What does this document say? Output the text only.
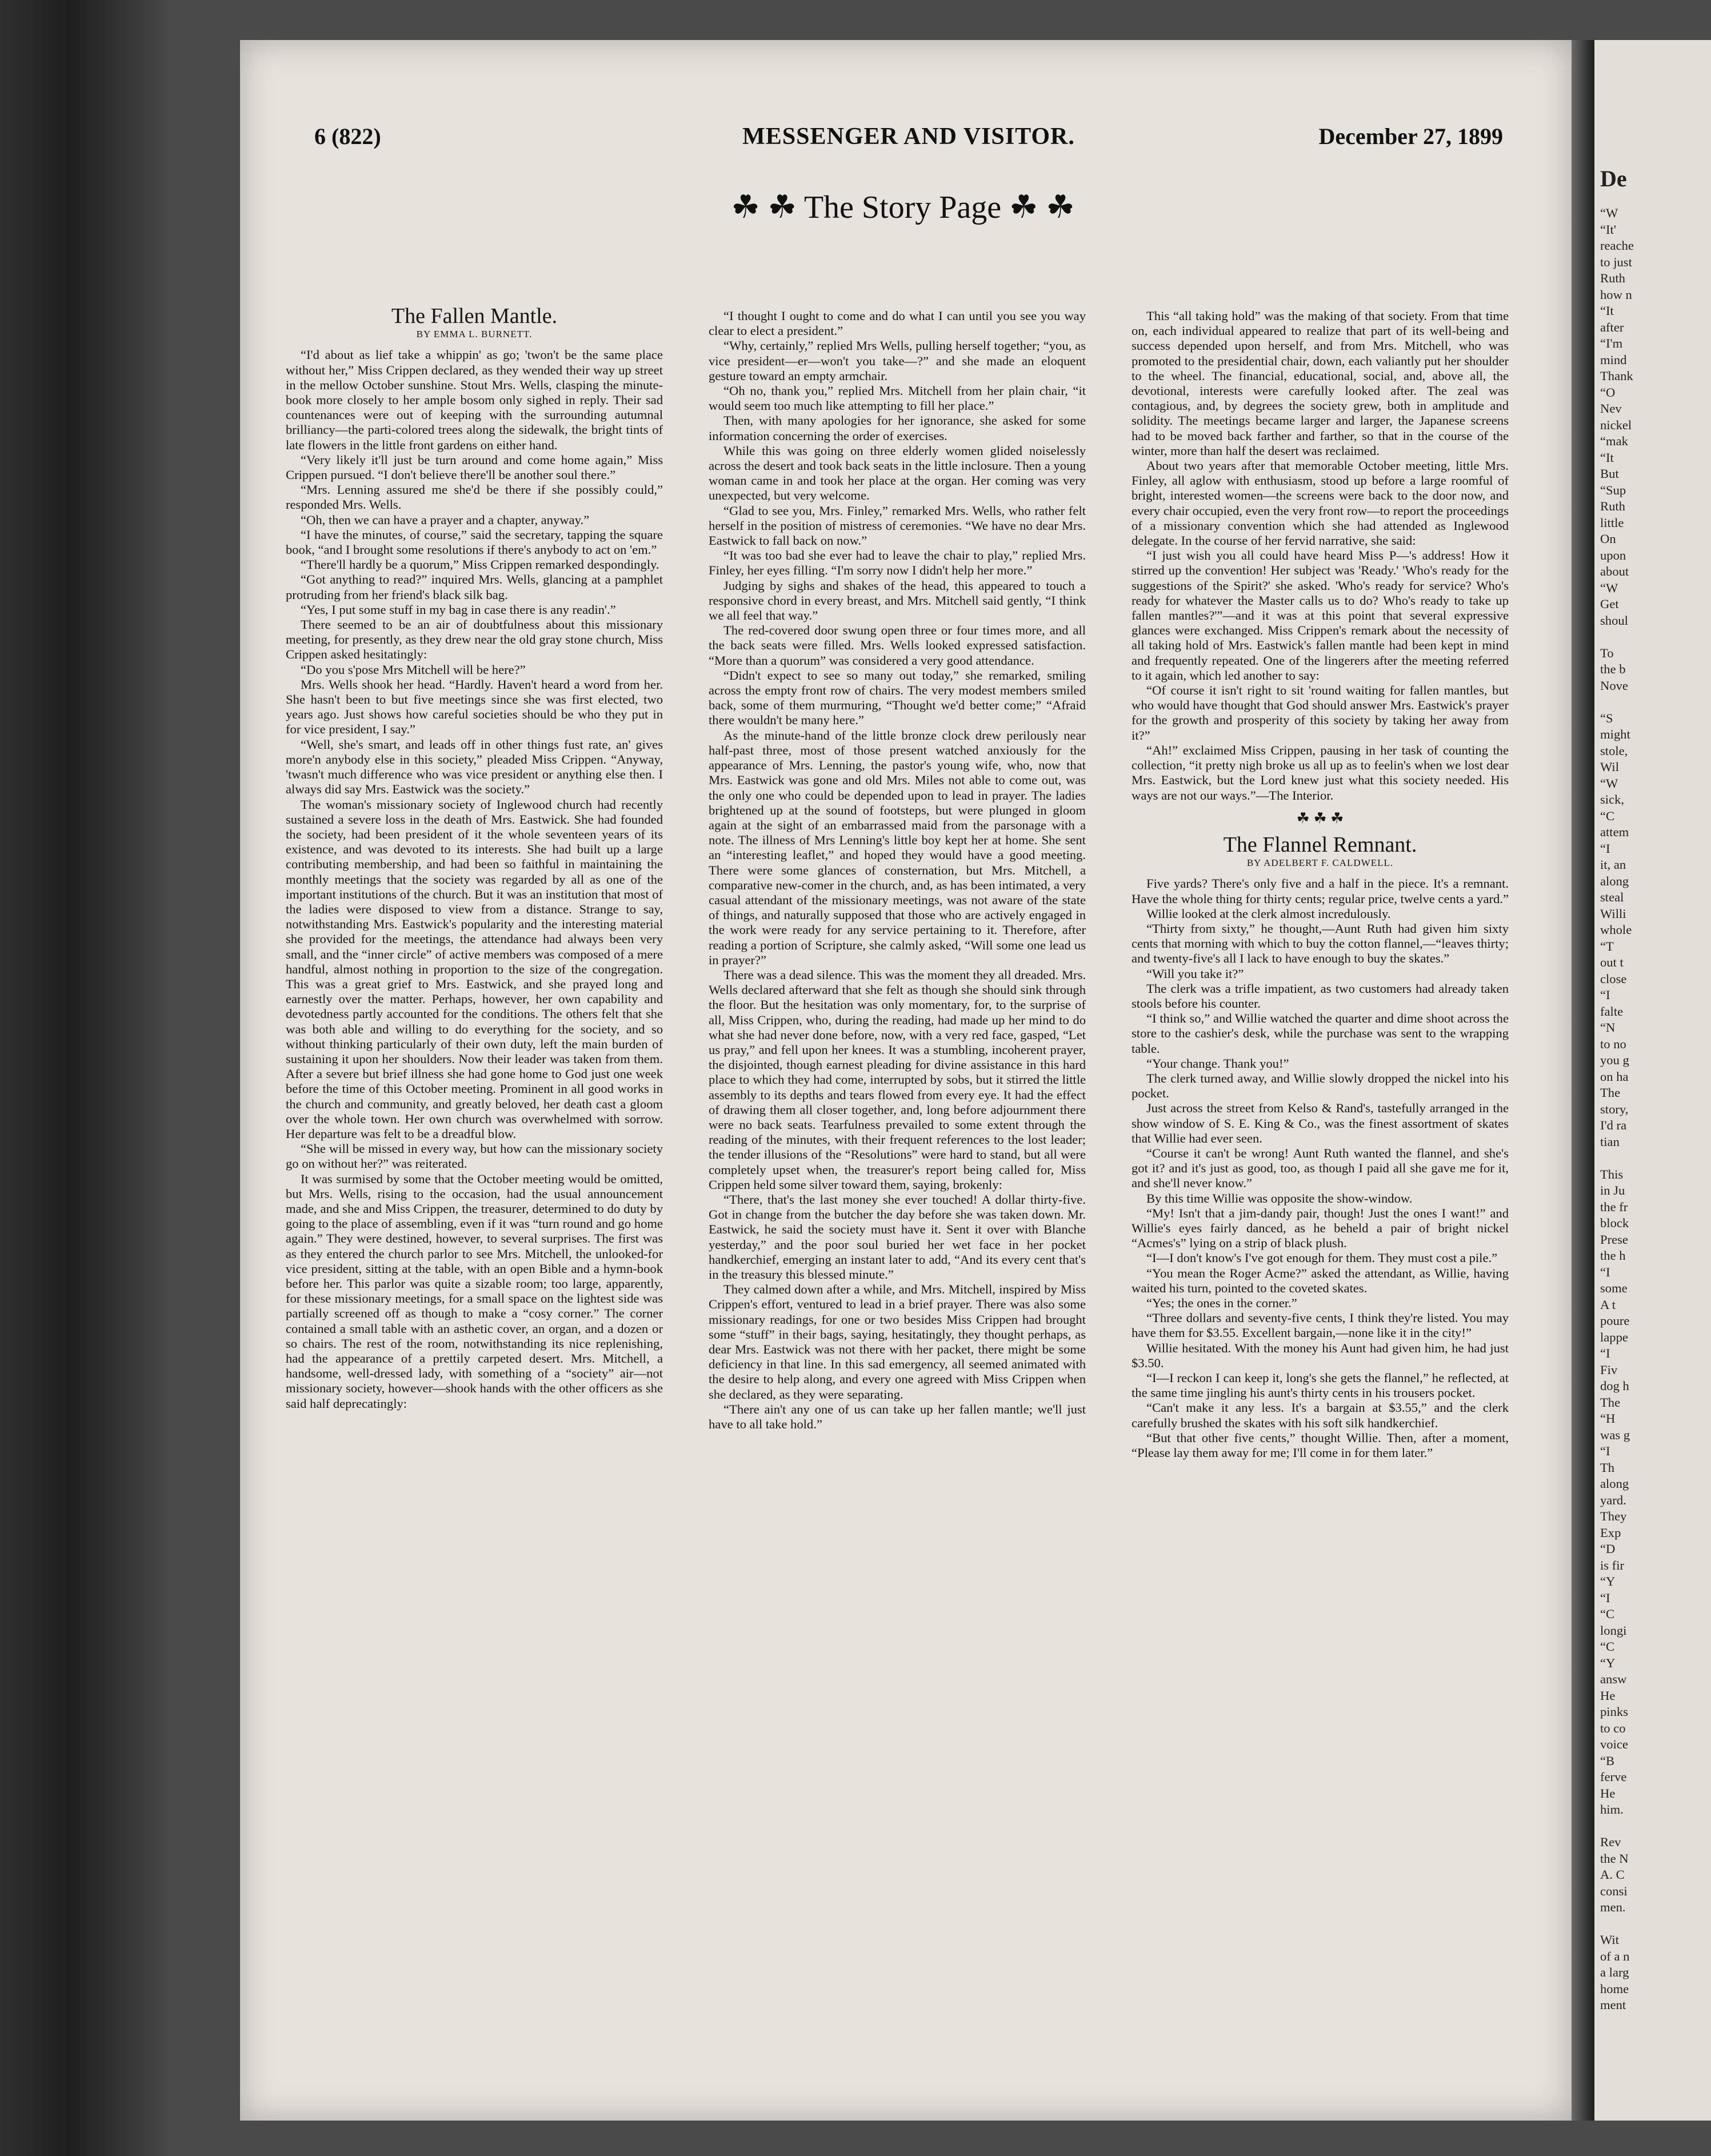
6 (822)	MESSENGER AND VISITOR.	December 27, 1899
☘ ☘ The Story Page ☘ ☘
The Fallen Mantle.
BY EMMA L. BURNETT.

“I'd about as lief take a whippin' as go; 'twon't be the same place without her,” Miss Crippen declared, as they wended their way up street in the mellow October sunshine. Stout Mrs. Wells, clasping the minute-book more closely to her ample bosom only sighed in reply. Their sad countenances were out of keeping with the surrounding autumnal brilliancy—the parti-colored trees along the sidewalk, the bright tints of late flowers in the little front gardens on either hand.

“Very likely it'll just be turn around and come home again,” Miss Crippen pursued. “I don't believe there'll be another soul there.”

“Mrs. Lenning assured me she'd be there if she possibly could,” responded Mrs. Wells.

“Oh, then we can have a prayer and a chapter, anyway.”

“I have the minutes, of course,” said the secretary, tapping the square book, “and I brought some resolutions if there's anybody to act on 'em.”

“There'll hardly be a quorum,” Miss Crippen remarked despondingly.

“Got anything to read?” inquired Mrs. Wells, glancing at a pamphlet protruding from her friend's black silk bag.

“Yes, I put some stuff in my bag in case there is any readin'.”

There seemed to be an air of doubtfulness about this missionary meeting, for presently, as they drew near the old gray stone church, Miss Crippen asked hesitatingly:

“Do you s'pose Mrs Mitchell will be here?”

Mrs. Wells shook her head. “Hardly. Haven't heard a word from her. She hasn't been to but five meetings since she was first elected, two years ago. Just shows how careful societies should be who they put in for vice president, I say.”

“Well, she's smart, and leads off in other things fust rate, an' gives more'n anybody else in this society,” pleaded Miss Crippen. “Anyway, 'twasn't much difference who was vice president or anything else then. I always did say Mrs. Eastwick was the society.”

The woman's missionary society of Inglewood church had recently sustained a severe loss in the death of Mrs. Eastwick. She had founded the society, had been president of it the whole seventeen years of its existence, and was devoted to its interests. She had built up a large contributing membership, and had been so faithful in maintaining the monthly meetings that the society was regarded by all as one of the important institutions of the church. But it was an institution that most of the ladies were disposed to view from a distance. Strange to say, notwithstanding Mrs. Eastwick's popularity and the interesting material she provided for the meetings, the attendance had always been very small, and the “inner circle” of active members was composed of a mere handful, almost nothing in proportion to the size of the congregation. This was a great grief to Mrs. Eastwick, and she prayed long and earnestly over the matter. Perhaps, however, her own capability and devotedness partly accounted for the conditions. The others felt that she was both able and willing to do everything for the society, and so without thinking particularly of their own duty, left the main burden of sustaining it upon her shoulders. Now their leader was taken from them. After a severe but brief illness she had gone home to God just one week before the time of this October meeting. Prominent in all good works in the church and community, and greatly beloved, her death cast a gloom over the whole town. Her own church was overwhelmed with sorrow. Her departure was felt to be a dreadful blow.

“She will be missed in every way, but how can the missionary society go on without her?” was reiterated.

It was surmised by some that the October meeting would be omitted, but Mrs. Wells, rising to the occasion, had the usual announcement made, and she and Miss Crippen, the treasurer, determined to do duty by going to the place of assembling, even if it was “turn round and go home again.” They were destined, however, to several surprises. The first was as they entered the church parlor to see Mrs. Mitchell, the unlooked-for vice president, sitting at the table, with an open Bible and a hymn-book before her. This parlor was quite a sizable room; too large, apparently, for these missionary meetings, for a small space on the lightest side was partially screened off as though to make a “cosy corner.” The corner contained a small table with an asthetic cover, an organ, and a dozen or so chairs. The rest of the room, notwithstanding its nice replenishing, had the appearance of a prettily carpeted desert. Mrs. Mitchell, a handsome, well-dressed lady, with something of a “society” air—not missionary society, however—shook hands with the other officers as she said half deprecatingly:

“I thought I ought to come and do what I can until you see you way clear to elect a president.”

“Why, certainly,” replied Mrs Wells, pulling herself together; “you, as vice president—er—won't you take—?” and she made an eloquent gesture toward an empty armchair.

“Oh no, thank you,” replied Mrs. Mitchell from her plain chair, “it would seem too much like attempting to fill her place.”

Then, with many apologies for her ignorance, she asked for some information concerning the order of exercises.

While this was going on three elderly women glided noiselessly across the desert and took back seats in the little inclosure. Then a young woman came in and took her place at the organ. Her coming was very unexpected, but very welcome.

“Glad to see you, Mrs. Finley,” remarked Mrs. Wells, who rather felt herself in the position of mistress of ceremonies. “We have no dear Mrs. Eastwick to fall back on now.”

“It was too bad she ever had to leave the chair to play,” replied Mrs. Finley, her eyes filling. “I'm sorry now I didn't help her more.”

Judging by sighs and shakes of the head, this appeared to touch a responsive chord in every breast, and Mrs. Mitchell said gently, “I think we all feel that way.”

The red-covered door swung open three or four times more, and all the back seats were filled. Mrs. Wells looked expressed satisfaction. “More than a quorum” was considered a very good attendance.

“Didn't expect to see so many out today,” she remarked, smiling across the empty front row of chairs. The very modest members smiled back, some of them murmuring, “Thought we'd better come;” “Afraid there wouldn't be many here.”

As the minute-hand of the little bronze clock drew perilously near half-past three, most of those present watched anxiously for the appearance of Mrs. Lenning, the pastor's young wife, who, now that Mrs. Eastwick was gone and old Mrs. Miles not able to come out, was the only one who could be depended upon to lead in prayer. The ladies brightened up at the sound of footsteps, but were plunged in gloom again at the sight of an embarrassed maid from the parsonage with a note. The illness of Mrs Lenning's little boy kept her at home. She sent an “interesting leaflet,” and hoped they would have a good meeting. There were some glances of consternation, but Mrs. Mitchell, a comparative new-comer in the church, and, as has been intimated, a very casual attendant of the missionary meetings, was not aware of the state of things, and naturally supposed that those who are actively engaged in the work were ready for any service pertaining to it. Therefore, after reading a portion of Scripture, she calmly asked, “Will some one lead us in prayer?”

There was a dead silence. This was the moment they all dreaded. Mrs. Wells declared afterward that she felt as though she should sink through the floor. But the hesitation was only momentary, for, to the surprise of all, Miss Crippen, who, during the reading, had made up her mind to do what she had never done before, now, with a very red face, gasped, “Let us pray,” and fell upon her knees. It was a stumbling, incoherent prayer, the disjointed, though earnest pleading for divine assistance in this hard place to which they had come, interrupted by sobs, but it stirred the little assembly to its depths and tears flowed from every eye. It had the effect of drawing them all closer together, and, long before adjournment there were no back seats. Tearfulness prevailed to some extent through the reading of the minutes, with their frequent references to the lost leader; the tender illusions of the “Resolutions” were hard to stand, but all were completely upset when, the treasurer's report being called for, Miss Crippen held some silver toward them, saying, brokenly:

“There, that's the last money she ever touched! A dollar thirty-five. Got in change from the butcher the day before she was taken down. Mr. Eastwick, he said the society must have it. Sent it over with Blanche yesterday,” and the poor soul buried her wet face in her pocket handkerchief, emerging an instant later to add, “And its every cent that's in the treasury this blessed minute.”

They calmed down after a while, and Mrs. Mitchell, inspired by Miss Crippen's effort, ventured to lead in a brief prayer. There was also some missionary readings, for one or two besides Miss Crippen had brought some “stuff” in their bags, saying, hesitatingly, they thought perhaps, as dear Mrs. Eastwick was not there with her packet, there might be some deficiency in that line. In this sad emergency, all seemed animated with the desire to help along, and every one agreed with Miss Crippen when she declared, as they were separating.

“There ain't any one of us can take up her fallen mantle; we'll just have to all take hold.”

This “all taking hold” was the making of that society. From that time on, each individual appeared to realize that part of its well-being and success depended upon herself, and from Mrs. Mitchell, who was promoted to the presidential chair, down, each valiantly put her shoulder to the wheel. The financial, educational, social, and, above all, the devotional, interests were carefully looked after. The zeal was contagious, and, by degrees the society grew, both in amplitude and solidity. The meetings became larger and larger, the Japanese screens had to be moved back farther and farther, so that in the course of the winter, more than half the desert was reclaimed.

About two years after that memorable October meeting, little Mrs. Finley, all aglow with enthusiasm, stood up before a large roomful of bright, interested women—the screens were back to the door now, and every chair occupied, even the very front row—to report the proceedings of a missionary convention which she had attended as Inglewood delegate. In the course of her fervid narrative, she said:

“I just wish you all could have heard Miss P—'s address! How it stirred up the convention! Her subject was 'Ready.' 'Who's ready for the suggestions of the Spirit?' she asked. 'Who's ready for service? Who's ready for whatever the Master calls us to do? Who's ready to take up fallen mantles?'”—and it was at this point that several expressive glances were exchanged. Miss Crippen's remark about the necessity of all taking hold of Mrs. Eastwick's fallen mantle had been kept in mind and frequently repeated. One of the lingerers after the meeting referred to it again, which led another to say:

“Of course it isn't right to sit 'round waiting for fallen mantles, but who would have thought that God should answer Mrs. Eastwick's prayer for the growth and prosperity of this society by taking her away from it?”

“Ah!” exclaimed Miss Crippen, pausing in her task of counting the collection, “it pretty nigh broke us all up as to feelin's when we lost dear Mrs. Eastwick, but the Lord knew just what this society needed. His ways are not our ways.”—The Interior.

☘ ☘ ☘
The Flannel Remnant.
BY ADELBERT F. CALDWELL.

Five yards? There's only five and a half in the piece. It's a remnant. Have the whole thing for thirty cents; regular price, twelve cents a yard.”

Willie looked at the clerk almost incredulously.

“Thirty from sixty,” he thought,—Aunt Ruth had given him sixty cents that morning with which to buy the cotton flannel,—“leaves thirty; and twenty-five's all I lack to have enough to buy the skates.”

“Will you take it?”

The clerk was a trifle impatient, as two customers had already taken stools before his counter.

“I think so,” and Willie watched the quarter and dime shoot across the store to the cashier's desk, while the purchase was sent to the wrapping table.

“Your change. Thank you!”

The clerk turned away, and Willie slowly dropped the nickel into his pocket.

Just across the street from Kelso & Rand's, tastefully arranged in the show window of S. E. King & Co., was the finest assortment of skates that Willie had ever seen.

“Course it can't be wrong! Aunt Ruth wanted the flannel, and she's got it? and it's just as good, too, as though I paid all she gave me for it, and she'll never know.”

By this time Willie was opposite the show-window.

“My! Isn't that a jim-dandy pair, though! Just the ones I want!” and Willie's eyes fairly danced, as he beheld a pair of bright nickel “Acmes's” lying on a strip of black plush.

“I—I don't know's I've got enough for them. They must cost a pile.”

“You mean the Roger Acme?” asked the attendant, as Willie, having waited his turn, pointed to the coveted skates.

“Yes; the ones in the corner.”

“Three dollars and seventy-five cents, I think they're listed. You may have them for $3.55. Excellent bargain,—none like it in the city!”

Willie hesitated. With the money his Aunt had given him, he had just $3.50.

“I—I reckon I can keep it, long's she gets the flannel,” he reflected, at the same time jingling his aunt's thirty cents in his trousers pocket.

“Can't make it any less. It's a bargain at $3.55,” and the clerk carefully brushed the skates with his soft silk handkerchief.

“But that other five cents,” thought Willie. Then, after a moment, “Please lay them away for me; I'll come in for them later.”

De
“W
“It'
reache
to just
Ruth
how n
“It
after
“I'm
mind
Thank
“O
Nev
nickel
“mak
“It
But
“Sup
Ruth
little
On
upon
about
“W
Get
shoul

To
the b
Nove

“S
might
stole,
Wil
“W
sick,
“C
attem
“I
it, an
along
steal
Willi
whole
“T
out t
close
“I
falte
“N
to no
you g
on ha
The
story,
I'd ra
tian

This
in Ju
the fr
block
Prese
the h
“I
some
A t
poure
lappe
“I
Fiv
dog h
The
“H
was g
“I
Th
along
yard.
They
Exp
“D
is fir
“Y
“I
“C
longi
“C
“Y
answ
He
pinks
to co
voice
“B
ferve
He
him.

Rev
the N
A. C
consi
men.

Wit
of a n
a larg
home
ment
